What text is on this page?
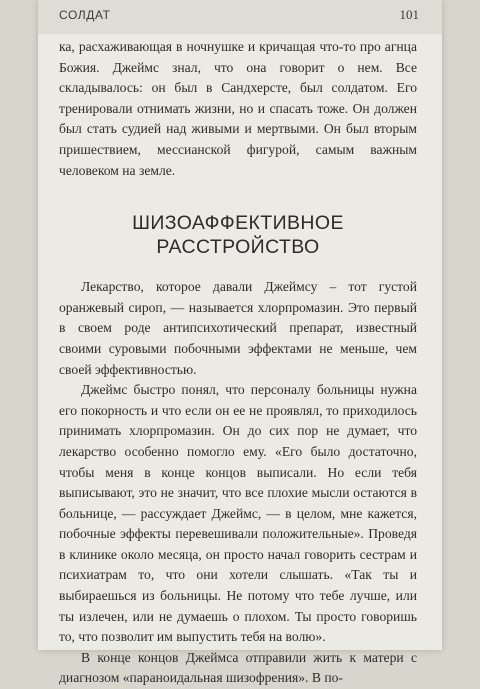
СОЛДАТ	101

ка, расхаживающая в ночнушке и кричащая что-то про агнца Божия. Джеймс знал, что она говорит о нем. Все складывалось: он был в Сандхерсте, был солдатом. Его тренировали отнимать жизни, но и спасать тоже. Он должен был стать судией над живыми и мертвыми. Он был вторым пришествием, мессианской фигурой, самым важным человеком на земле.

ШИЗОАФФЕКТИВНОЕ
РАССТРОЙСТВО

Лекарство, которое давали Джеймсу – тот густой оранжевый сироп, — называется хлорпромазин. Это первый в своем роде антипсихотический препарат, известный своими суровыми побочными эффектами не меньше, чем своей эффективностью.

Джеймс быстро понял, что персоналу больницы нужна его покорность и что если он ее не проявлял, то приходилось принимать хлорпромазин. Он до сих пор не думает, что лекарство особенно помогло ему. «Его было достаточно, чтобы меня в конце концов выписали. Но если тебя выписывают, это не значит, что все плохие мысли остаются в больнице, — рассуждает Джеймс, — в целом, мне кажется, побочные эффекты перевешивали положительные». Проведя в клинике около месяца, он просто начал говорить сестрам и психиатрам то, что они хотели слышать. «Так ты и выбираешься из больницы. Не потому что тебе лучше, или ты излечен, или не думаешь о плохом. Ты просто говоришь то, что позволит им выпустить тебя на волю».

В конце концов Джеймса отправили жить к матери с диагнозом «параноидальная шизофрения». В по-
